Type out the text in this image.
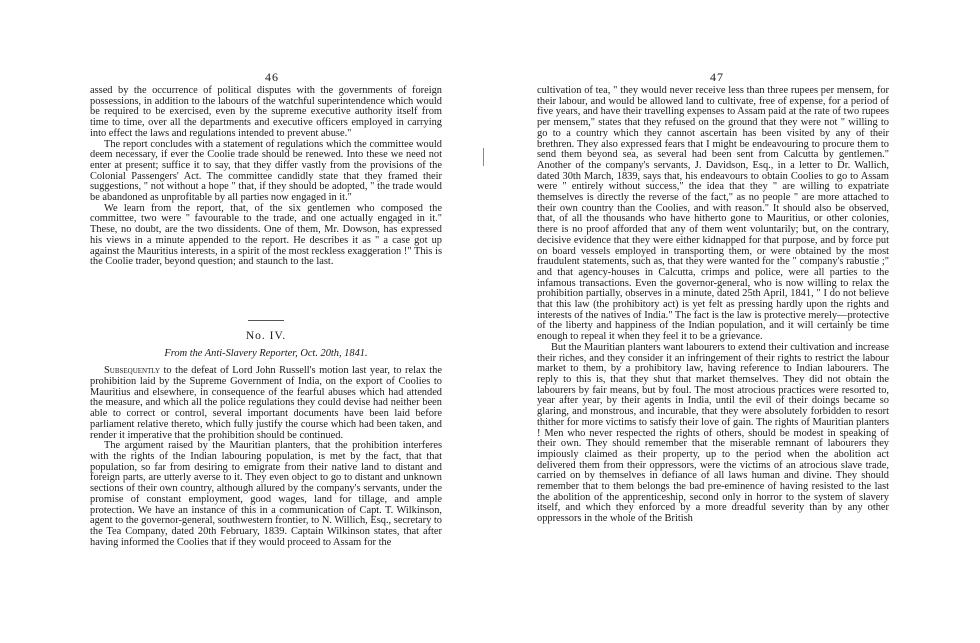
46

assed by the occurrence of political disputes with the governments of foreign possessions, in addition to the labours of the watchful superintendence which would be required to be exercised, even by the supreme executive authority itself from time to time, over all the departments and executive officers employed in carrying into effect the laws and regulations intended to prevent abuse."

The report concludes with a statement of regulations which the committee would deem necessary, if ever the Coolie trade should be renewed. Into these we need not enter at present; suffice it to say, that they differ vastly from the provisions of the Colonial Passengers' Act. The committee candidly state that they framed their suggestions, " not without a hope " that, if they should be adopted, " the trade would be abandoned as unprofitable by all parties now engaged in it."

We learn from the report, that, of the six gentlemen who composed the committee, two were " favourable to the trade, and one actually engaged in it." These, no doubt, are the two dissidents. One of them, Mr. Dowson, has expressed his views in a minute appended to the report. He describes it as " a case got up against the Mauritius interests, in a spirit of the most reckless exaggeration !" This is the Coolie trader, beyond question; and staunch to the last.

No. IV.

From the Anti-Slavery Reporter, Oct. 20th, 1841.

Subsequently to the defeat of Lord John Russell's motion last year, to relax the prohibition laid by the Supreme Government of India, on the export of Coolies to Mauritius and elsewhere, in consequence of the fearful abuses which had attended the measure, and which all the police regulations they could devise had neither been able to correct or control, several important documents have been laid before parliament relative thereto, which fully justify the course which had been taken, and render it imperative that the prohibition should be continued.

The argument raised by the Mauritian planters, that the prohibition interferes with the rights of the Indian labouring population, is met by the fact, that that population, so far from desiring to emigrate from their native land to distant and foreign parts, are utterly averse to it. They even object to go to distant and unknown sections of their own country, although allured by the company's servants, under the promise of constant employment, good wages, land for tillage, and ample protection. We have an instance of this in a communication of Capt. T. Wilkinson, agent to the governor-general, southwestern frontier, to N. Willich, Esq., secretary to the Tea Company, dated 20th February, 1839. Captain Wilkinson states, that after having informed the Coolies that if they would proceed to Assam for the

47

cultivation of tea, " they would never receive less than three rupees per mensem, for their labour, and would be allowed land to cultivate, free of expense, for a period of five years, and have their travelling expenses to Assam paid at the rate of two rupees per mensem," states that they refused on the ground that they were not " willing to go to a country which they cannot ascertain has been visited by any of their brethren. They also expressed fears that I might be endeavouring to procure them to send them beyond sea, as several had been sent from Calcutta by gentlemen." Another of the company's servants, J. Davidson, Esq., in a letter to Dr. Wallich, dated 30th March, 1839, says that, his endeavours to obtain Coolies to go to Assam were " entirely without success," the idea that they " are willing to expatriate themselves is directly the reverse of the fact," as no people " are more attached to their own country than the Coolies, and with reason." It should also be observed, that, of all the thousands who have hitherto gone to Mauritius, or other colonies, there is no proof afforded that any of them went voluntarily; but, on the contrary, decisive evidence that they were either kidnapped for that purpose, and by force put on board vessels employed in transporting them, or were obtained by the most fraudulent statements, such as, that they were wanted for the " company's rabustie ;" and that agency-houses in Calcutta, crimps and police, were all parties to the infamous transactions. Even the governor-general, who is now willing to relax the prohibition partially, observes in a minute, dated 25th April, 1841, " I do not believe that this law (the prohibitory act) is yet felt as pressing hardly upon the rights and interests of the natives of India." The fact is the law is protective merely—protective of the liberty and happiness of the Indian population, and it will certainly be time enough to repeal it when they feel it to be a grievance.

But the Mauritian planters want labourers to extend their cultivation and increase their riches, and they consider it an infringement of their rights to restrict the labour market to them, by a prohibitory law, having reference to Indian labourers. The reply to this is, that they shut that market themselves. They did not obtain the labourers by fair means, but by foul. The most atrocious practices were resorted to, year after year, by their agents in India, until the evil of their doings became so glaring, and monstrous, and incurable, that they were absolutely forbidden to resort thither for more victims to satisfy their love of gain. The rights of Mauritian planters ! Men who never respected the rights of others, should be modest in speaking of their own. They should remember that the miserable remnant of labourers they impiously claimed as their property, up to the period when the abolition act delivered them from their oppressors, were the victims of an atrocious slave trade, carried on by themselves in defiance of all laws human and divine. They should remember that to them belongs the bad pre-eminence of having resisted to the last the abolition of the apprenticeship, second only in horror to the system of slavery itself, and which they enforced by a more dreadful severity than by any other oppressors in the whole of the British
